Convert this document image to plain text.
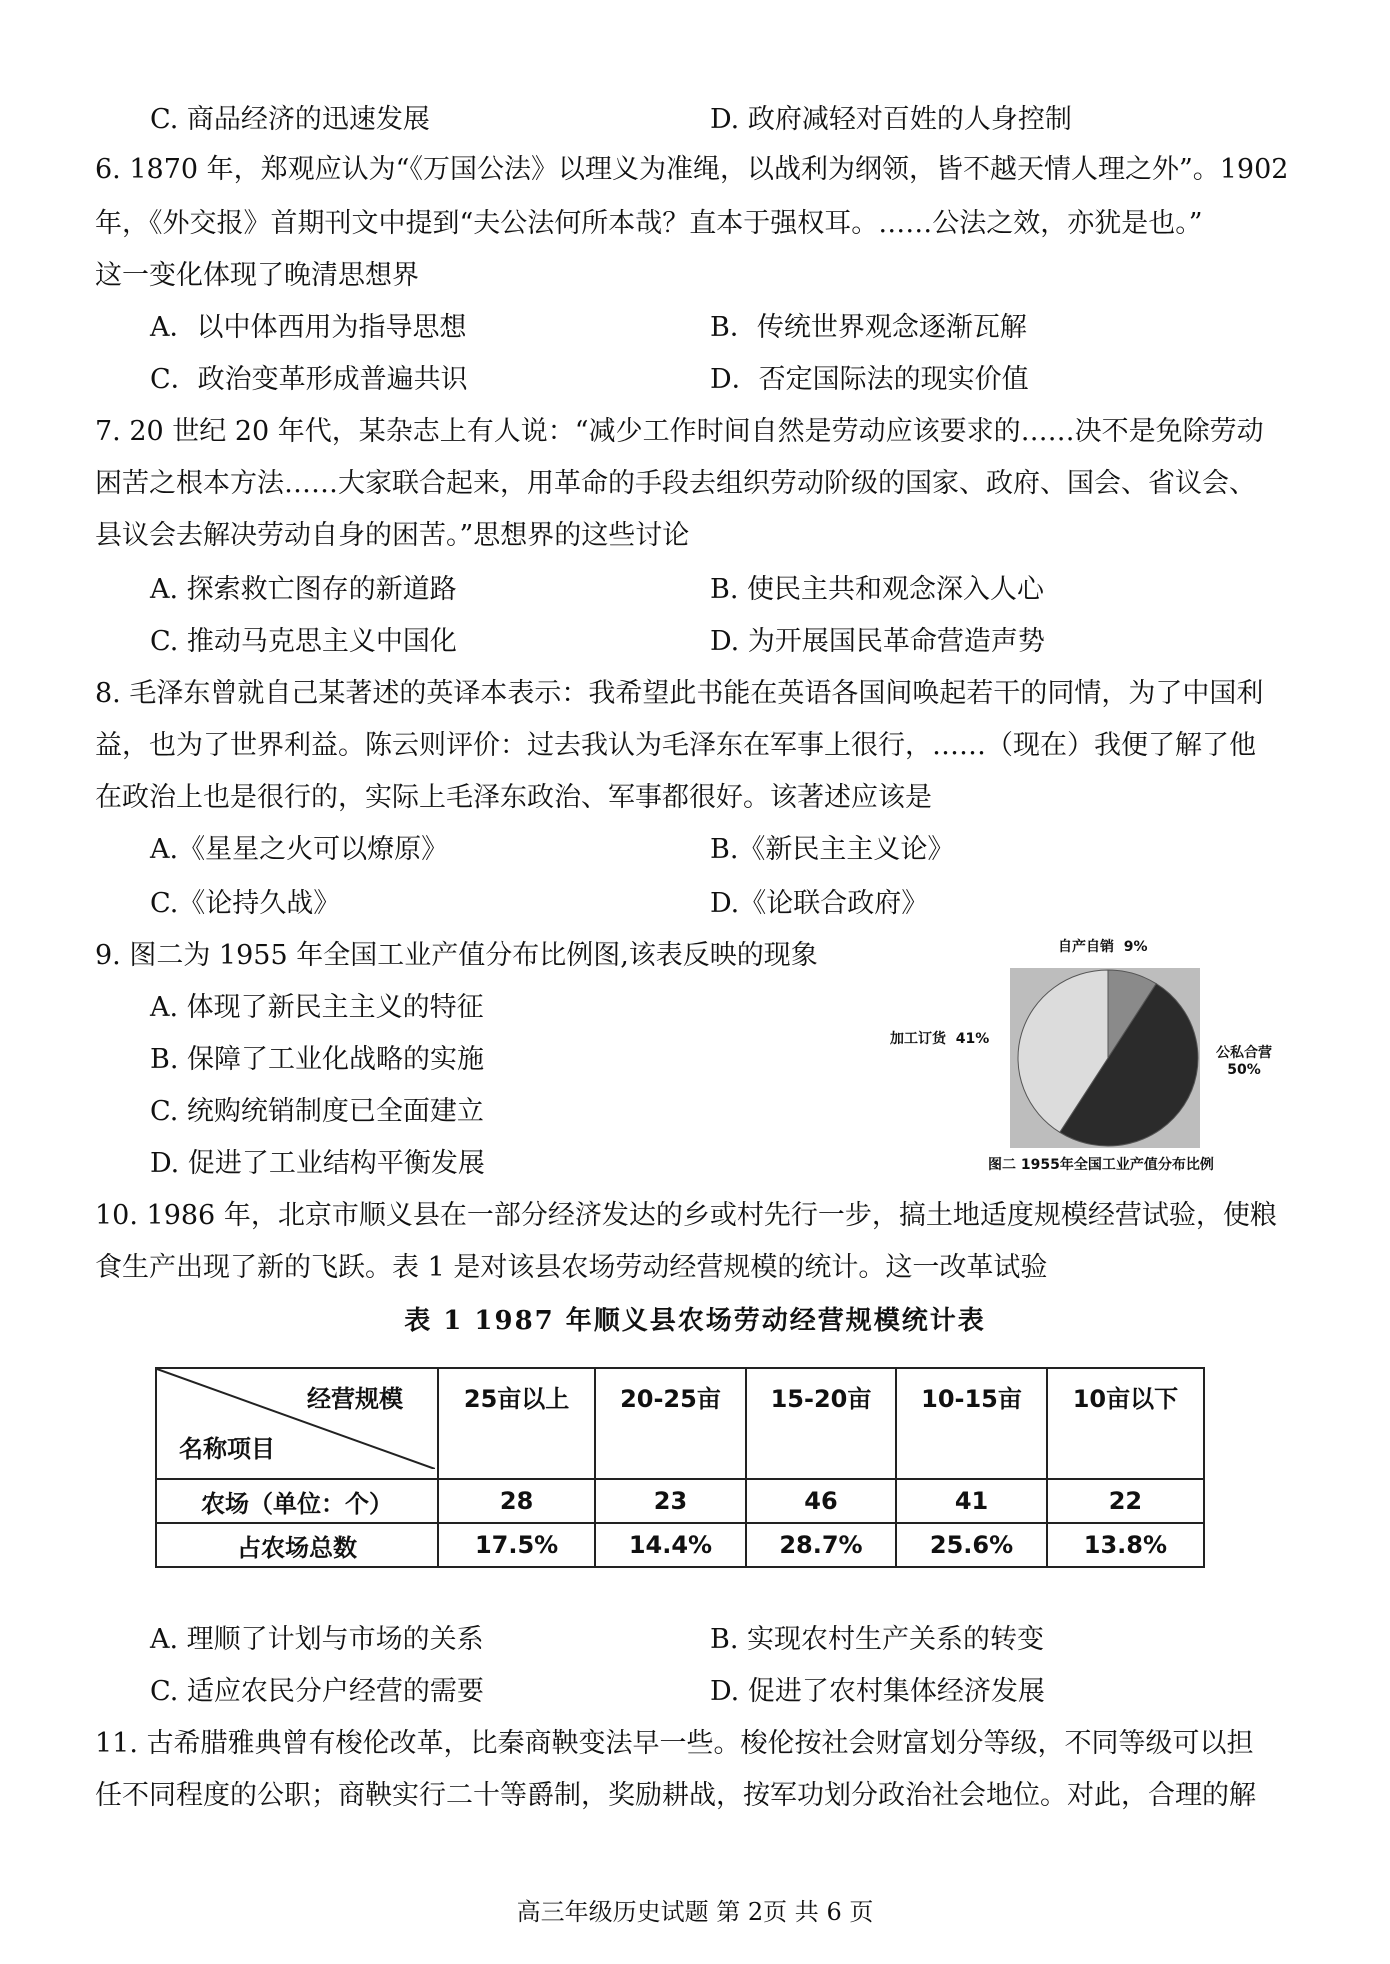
C. 商品经济的迅速发展	D. 政府减轻对百姓的人身控制
6. 1870 年，郑观应认为“《万国公法》以理义为准绳，以战利为纲领，皆不越天情人理之外”。1902
年，《外交报》首期刊文中提到“夫公法何所本哉？直本于强权耳。……公法之效，亦犹是也。”
这一变化体现了晚清思想界
A．以中体西用为指导思想	B．传统世界观念逐渐瓦解
C．政治变革形成普遍共识	D．否定国际法的现实价值
7. 20 世纪 20 年代，某杂志上有人说：“减少工作时间自然是劳动应该要求的……决不是免除劳动
困苦之根本方法……大家联合起来，用革命的手段去组织劳动阶级的国家、政府、国会、省议会、
县议会去解决劳动自身的困苦。”思想界的这些讨论
A. 探索救亡图存的新道路	B. 使民主共和观念深入人心
C. 推动马克思主义中国化	D. 为开展国民革命营造声势
8. 毛泽东曾就自己某著述的英译本表示：我希望此书能在英语各国间唤起若干的同情，为了中国利
益，也为了世界利益。陈云则评价：过去我认为毛泽东在军事上很行，……（现在）我便了解了他
在政治上也是很行的，实际上毛泽东政治、军事都很好。该著述应该是
A.《星星之火可以燎原》	B.《新民主主义论》
C.《论持久战》	D.《论联合政府》
9. 图二为 1955 年全国工业产值分布比例图,该表反映的现象
A. 体现了新民主主义的特征
B. 保障了工业化战略的实施
C. 统购统销制度已全面建立
D. 促进了工业结构平衡发展
自产自销 9%
加工订货 41%
公私合营
50%
图二 1955年全国工业产值分布比例
10. 1986 年，北京市顺义县在一部分经济发达的乡或村先行一步，搞土地适度规模经营试验，使粮
食生产出现了新的飞跃。表 1 是对该县农场劳动经营规模的统计。这一改革试验
表 1 1987 年顺义县农场劳动经营规模统计表
经营规模
名称项目	25亩以上	20-25亩	15-20亩	10-15亩	10亩以下
农场（单位：个）	28	23	46	41	22
占农场总数	17.5%	14.4%	28.7%	25.6%	13.8%
A. 理顺了计划与市场的关系	B. 实现农村生产关系的转变
C. 适应农民分户经营的需要	D. 促进了农村集体经济发展
11. 古希腊雅典曾有梭伦改革，比秦商鞅变法早一些。梭伦按社会财富划分等级，不同等级可以担
任不同程度的公职；商鞅实行二十等爵制，奖励耕战，按军功划分政治社会地位。对此，合理的解
高三年级历史试题 第 2页 共 6 页
